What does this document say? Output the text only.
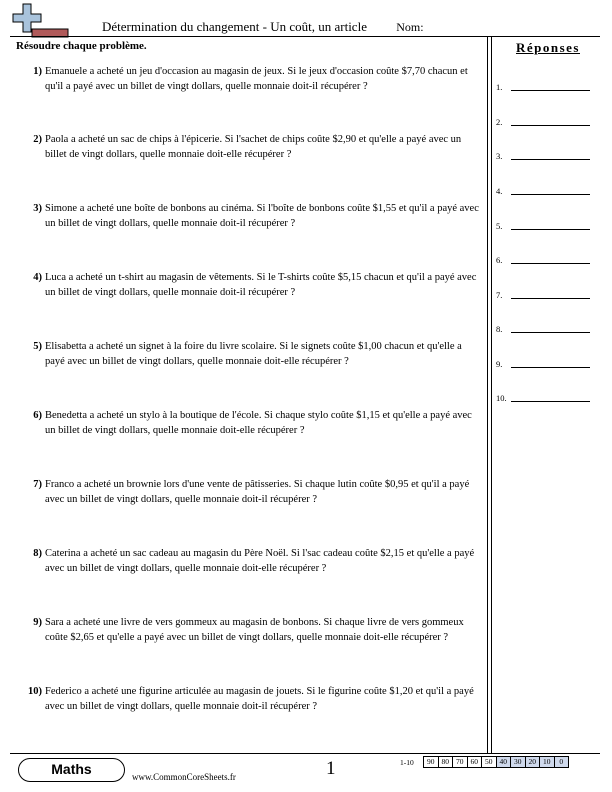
Détermination du changement - Un coût, un article Nom:
Résoudre chaque problème.	Réponses
1) Emanuele a acheté un jeu d'occasion au magasin de jeux. Si le jeux d'occasion coûte $7,70 chacun et qu'il a payé avec un billet de vingt dollars, quelle monnaie doit-il récupérer ?
2) Paola a acheté un sac de chips à l'épicerie. Si l'sachet de chips coûte $2,90 et qu'elle a payé avec un billet de vingt dollars, quelle monnaie doit-elle récupérer ?
3) Simone a acheté une boîte de bonbons au cinéma. Si l'boîte de bonbons coûte $1,55 et qu'il a payé avec un billet de vingt dollars, quelle monnaie doit-il récupérer ?
4) Luca a acheté un t-shirt au magasin de vêtements. Si le T-shirts coûte $5,15 chacun et qu'il a payé avec un billet de vingt dollars, quelle monnaie doit-il récupérer ?
5) Elisabetta a acheté un signet à la foire du livre scolaire. Si le signets coûte $1,00 chacun et qu'elle a payé avec un billet de vingt dollars, quelle monnaie doit-elle récupérer ?
6) Benedetta a acheté un stylo à la boutique de l'école. Si chaque stylo coûte $1,15 et qu'elle a payé avec un billet de vingt dollars, quelle monnaie doit-elle récupérer ?
7) Franco a acheté un brownie lors d'une vente de pâtisseries. Si chaque lutin coûte $0,95 et qu'il a payé avec un billet de vingt dollars, quelle monnaie doit-il récupérer ?
8) Caterina a acheté un sac cadeau au magasin du Père Noël. Si l'sac cadeau coûte $2,15 et qu'elle a payé avec un billet de vingt dollars, quelle monnaie doit-elle récupérer ?
9) Sara a acheté une livre de vers gommeux au magasin de bonbons. Si chaque livre de vers gommeux coûte $2,65 et qu'elle a payé avec un billet de vingt dollars, quelle monnaie doit-elle récupérer ?
10) Federico a acheté une figurine articulée au magasin de jouets. Si le figurine coûte $1,20 et qu'il a payé avec un billet de vingt dollars, quelle monnaie doit-il récupérer ?
1.
2.
3.
4.
5.
6.
7.
8.
9.
10.
Maths	www.CommonCoreSheets.fr	1	1-10	90 80 70 60 50 40 30 20 10	0
